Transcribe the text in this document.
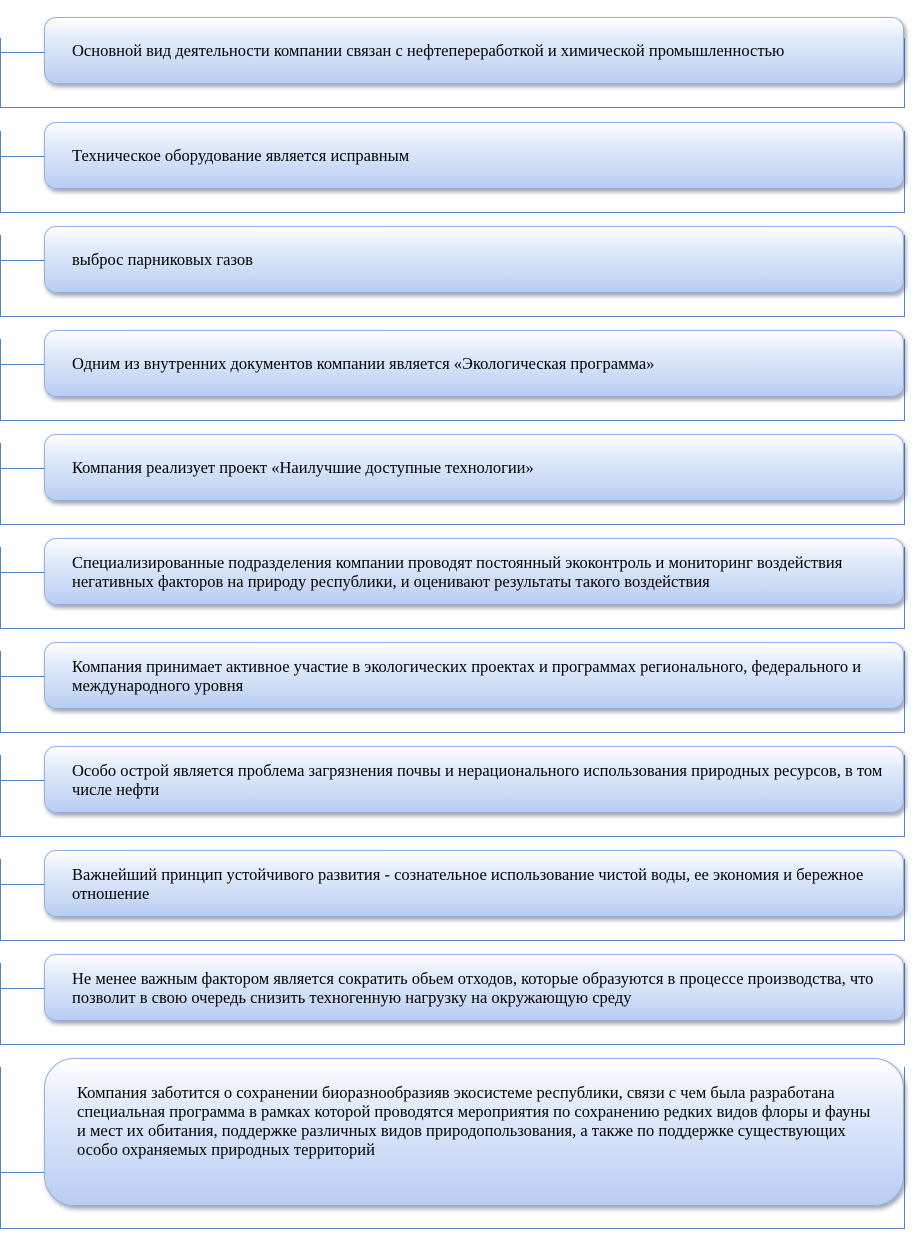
Основной вид деятельности компании связан с нефтепереработкой и химической промышленностью
Техническое оборудование является исправным
выброс парниковых газов
Одним из внутренних документов компании является «Экологическая программа»
Компания реализует проект «Наилучшие доступные технологии»
Специализированные подразделения компании проводят постоянный экоконтроль и мониторинг воздействия негативных факторов на природу республики, и оценивают результаты такого воздействия
Компания принимает активное участие в экологических проектах и программах регионального, федерального и международного уровня
Особо острой является проблема загрязнения почвы и нерационального использования природных ресурсов, в том числе нефти
Важнейший принцип устойчивого развития - сознательное использование чистой воды, ее экономия и бережное отношение
Не менее важным фактором является сократить обьем отходов, которые образуются в процессе производства, что позволит в свою очередь снизить техногенную нагрузку на окружающую среду
Компания заботится о сохранении биоразнообразияв экосистеме республики, связи с чем была разработана специальная программа в рамках которой проводятся мероприятия по сохранению редких видов флоры и фауны и мест их обитания, поддержке различных видов природопользования, а также по поддержке существующих особо охраняемых природных территорий
